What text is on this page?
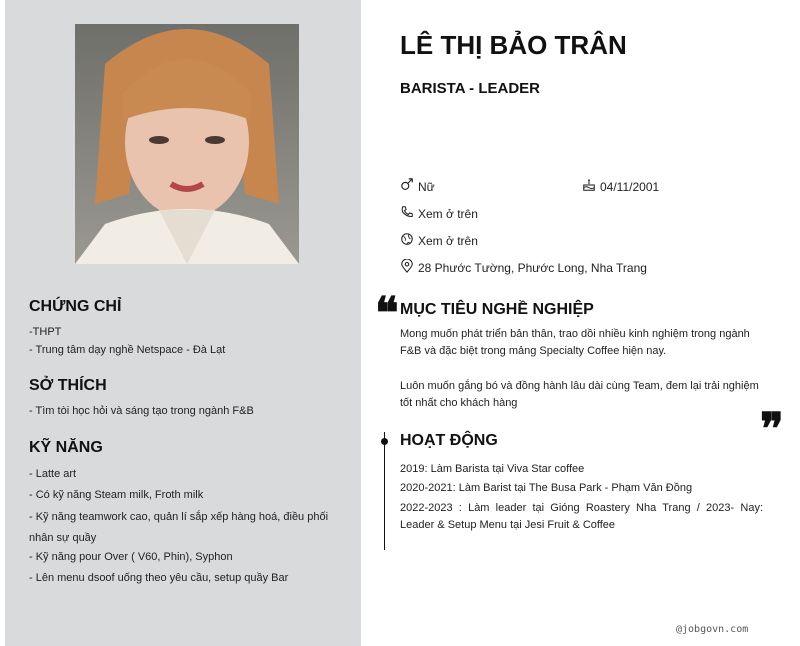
CHỨNG CHỈ

-THPT

- Trung tâm dạy nghề Netspace - Đà Lạt

SỞ THÍCH

- Tìm tòi học hỏi và sáng tạo trong ngành F&B

KỸ NĂNG

- Latte art

- Có kỹ năng Steam milk, Froth milk

- Kỹ năng teamwork cao, quản lí sắp xếp hàng hoá, điều phối nhân sự quầy

- Kỹ năng pour Over ( V60, Phin), Syphon

- Lên menu dsoof uống theo yêu cầu, setup quầy Bar

LÊ THỊ BẢO TRÂN
BARISTA - LEADER
Nữ	04/11/2001
Xem ở trên
Xem ở trên
28 Phước Tường, Phước Long, Nha Trang
❝ MỤC TIÊU NGHỀ NGHIỆP

Mong muốn phát triển bản thân, trao dồi nhiều kinh nghiệm trong ngành F&B và đặc biệt trong mảng Specialty Coffee hiện nay.

Luôn muốn gắng bó và đồng hành lâu dài cùng Team, đem lại trải nghiệm tốt nhất cho khách hàng

❞
HOẠT ĐỘNG

2019: Làm Barista tại Viva Star coffee

2020-2021: Làm Barist tại The Busa Park - Phạm Văn Đồng

2022-2023 : Làm leader tại Gióng Roastery Nha Trang / 2023- Nay: Leader & Setup Menu tại Jesi Fruit & Coffee

@jobgovn.com
